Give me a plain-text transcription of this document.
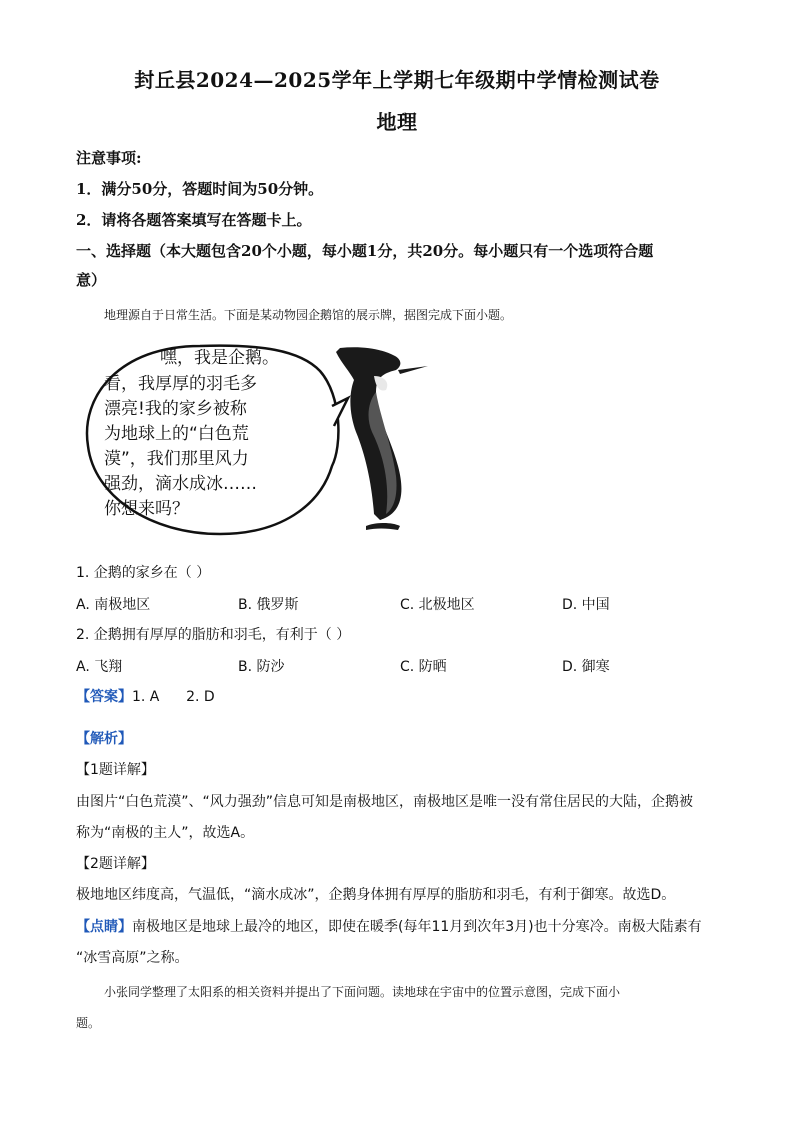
封丘县2024—2025学年上学期七年级期中学情检测试卷
地理
注意事项:
1．满分50分，答题时间为50分钟。
2．请将各题答案填写在答题卡上。
一、选择题（本大题包含20个小题，每小题1分，共20分。每小题只有一个选项符合题
意）
地理源自于日常生活。下面是某动物园企鹅馆的展示牌，据图完成下面小题。
嘿，我是企鹅。
看，我厚厚的羽毛多
漂亮!我的家乡被称
为地球上的“白色荒
漠”，我们那里风力
强劲，滴水成冰……
你想来吗？
1. 企鹅的家乡在（ ）
A. 南极地区	B. 俄罗斯	C. 北极地区	D. 中国
2. 企鹅拥有厚厚的脂肪和羽毛，有利于（ ）
A. 飞翔	B. 防沙	C. 防晒	D. 御寒
【答案】1. A      2. D
【解析】
【1题详解】
由图片“白色荒漠”、“风力强劲”信息可知是南极地区，南极地区是唯一没有常住居民的大陆，企鹅被
称为“南极的主人”，故选A。
【2题详解】
极地地区纬度高，气温低，“滴水成冰”，企鹅身体拥有厚厚的脂肪和羽毛，有利于御寒。故选D。
【点睛】南极地区是地球上最冷的地区，即使在暖季(每年11月到次年3月)也十分寒冷。南极大陆素有
“冰雪高原”之称。
小张同学整理了太阳系的相关资料并提出了下面问题。读地球在宇宙中的位置示意图，完成下面小
题。
